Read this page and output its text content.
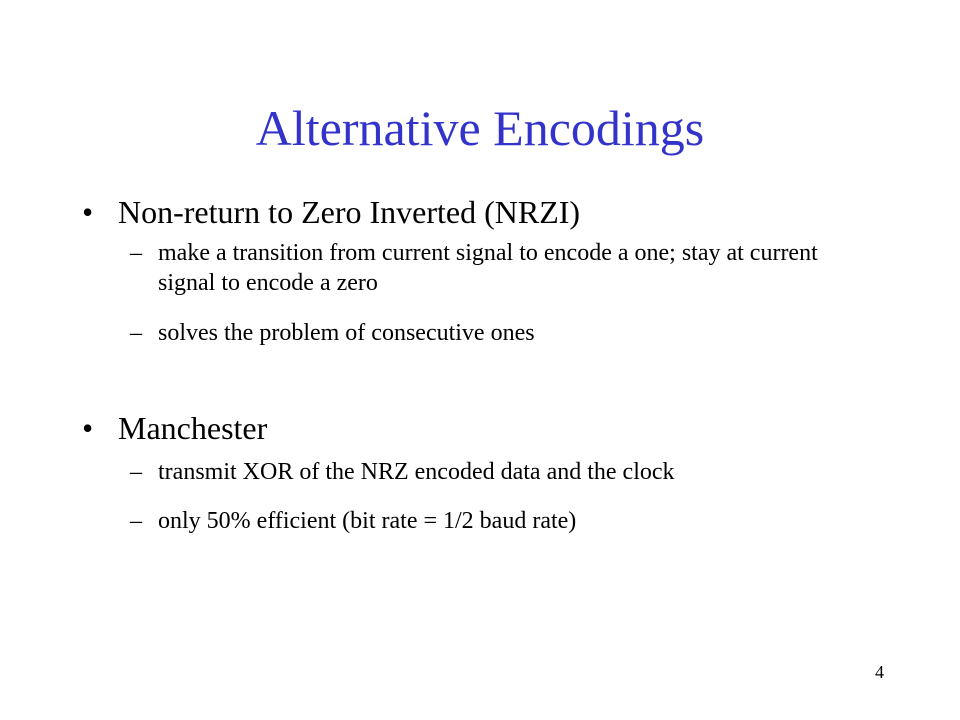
Alternative Encodings
• Non-return to Zero Inverted (NRZI)
– make a transition from current signal to encode a one; stay at current signal to encode a zero
– solves the problem of consecutive ones
• Manchester
– transmit XOR of the NRZ encoded data and the clock
– only 50% efficient (bit rate = 1/2 baud rate)
4
